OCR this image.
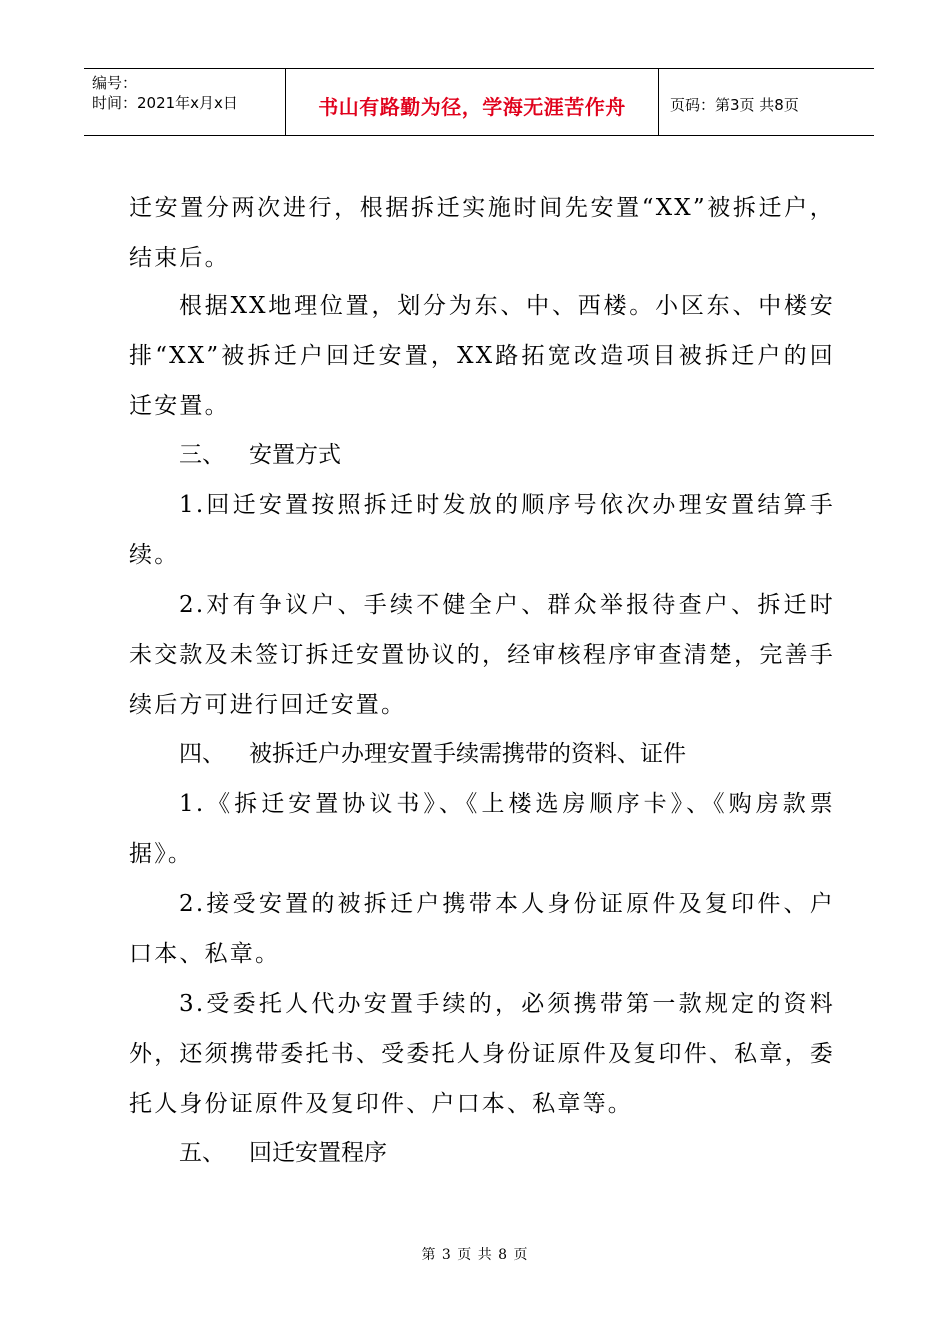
编号：
时间：2021年x月x日	书山有路勤为径，学海无涯苦作舟	页码：第3页 共8页
迁安置分两次进行，根据拆迁实施时间先安置“XX”被拆迁户，结束后。
根据XX地理位置，划分为东、中、西楼。小区东、中楼安排“XX”被拆迁户回迁安置，XX路拓宽改造项目被拆迁户的回迁安置。
三、 安置方式
1.回迁安置按照拆迁时发放的顺序号依次办理安置结算手续。
2.对有争议户、手续不健全户、群众举报待查户、拆迁时未交款及未签订拆迁安置协议的，经审核程序审查清楚，完善手续后方可进行回迁安置。
四、 被拆迁户办理安置手续需携带的资料、证件
1.《拆迁安置协议书》、《上楼选房顺序卡》、《购房款票据》。
2.接受安置的被拆迁户携带本人身份证原件及复印件、户口本、私章。
3.受委托人代办安置手续的，必须携带第一款规定的资料外，还须携带委托书、受委托人身份证原件及复印件、私章，委托人身份证原件及复印件、户口本、私章等。
五、 回迁安置程序
第 3 页 共 8 页
